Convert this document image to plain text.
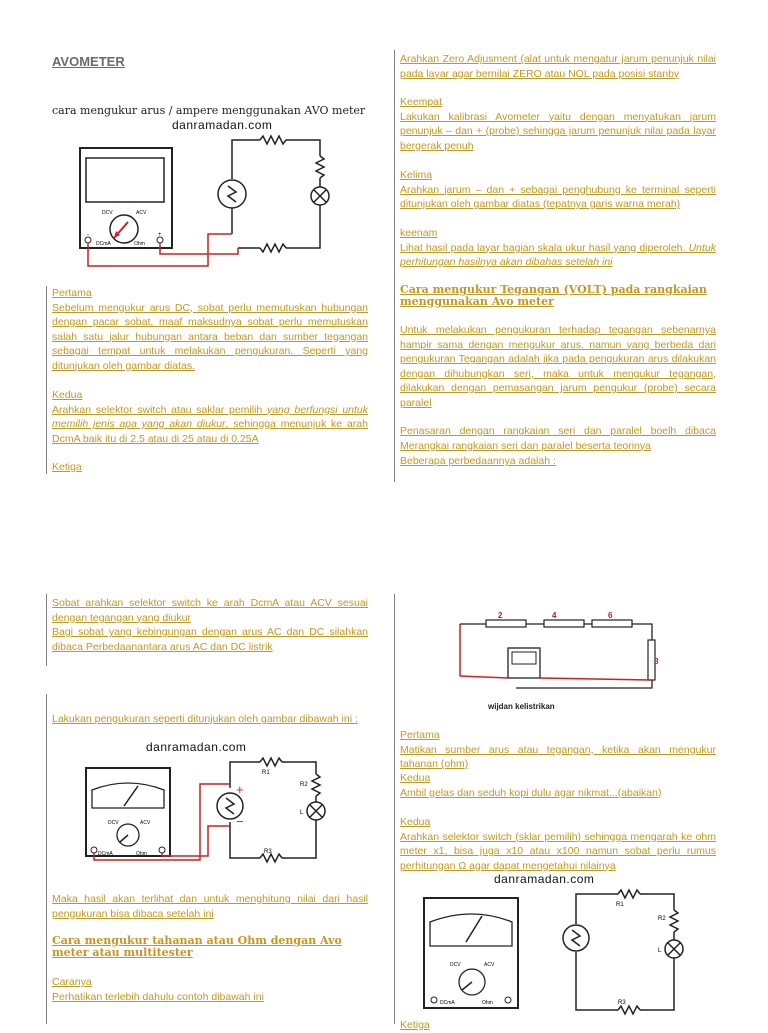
AVOMETER
cara mengukur arus / ampere menggunakan AVO meter
danramadan.com
DCV	ACV
DCmA	Ohm
-	+
Pertama
Sebelum mengukur arus DC, sobat perlu memutuskan hubungan dengan pacar sobat, maaf maksudnya sobat perlu memutuskan salah satu jalur hubungan antara beban dan sumber tegangan sebagai tempat untuk melakukan pengukuran. Seperti yang ditunjukan oleh gambar diatas.
Kedua
Arahkan selektor switch atau saklar pemilih yang berfungsi untuk memilih jenis apa yang akan diukur, sehingga menunjuk ke arah DcmA baik itu di 2.5 atau di 25 atau di 0.25A
Ketiga
Arahkan Zero Adjusment (alat untuk mengatur jarum penunjuk nilai pada layar agar bernilai ZERO atau NOL pada posisi stanby
Keempat
Lakukan kalibrasi Avometer yaitu dengan menyatukan jarum penunjuk – dan + (probe) sehingga jarum penunjuk nilai pada layar bergerak penuh
Kelima
Arahkan jarum – dan + sebagai penghubung ke terminal seperti ditunjukan oleh gambar diatas (tepatnya garis warna merah)
keenam
Lihat hasil pada layar bagian skala ukur hasil yang diperoleh. Untuk perhitungan hasilnya akan dibahas setelah ini
Cara mengukur Tegangan (VOLT) pada rangkaian menggunakan Avo meter
Untuk melakukan pengukuran terhadap tegangan sebenarnya hampir sama dengan mengukur arus. namun yang berbeda dari pengukuran Tegangan adalah jika pada pengukuran arus dilakukan dengan dihubungkan seri, maka untuk mengukur tegangan, dilakukan dengan pemasangan jarum pengukur (probe) secara paralel
Penasaran dengan rangkaian seri dan paralel boelh dibaca Merangkai rangkaian seri dan paralel beserta teorinya
Beberapa perbedaannya adalah :
Sobat arahkan selektor switch ke arah DcmA atau ACV sesuai dengan tegangan yang diukur
Bagi sobat yang kebingungan dengan arus AC dan DC silahkan dibaca Perbedaanantara arus AC dan DC listrik
Lakukan pengukuran seperti ditunjukan oleh gambar dibawah ini :
danramadan.com
DCV	ACV
DCmA	Ohm
R1
R2
L
R3
+
−
Maka hasil akan terlihat dan untuk menghitung nilai dari hasil pengukuran bisa dibaca setelah ini
Cara mengukur tahanan atau Ohm dengan Avo meter atau multitester
Caranya
Perhatikan terlebih dahulu contoh dibawah ini
2	4	6
8
wijdan kelistrikan
Pertama
Matikan sumber arus atau tegangan, ketika akan mengukur tahanan (ohm)
Kedua
Ambil gelas dan seduh kopi dulu agar nikmat...(abaikan)
Kedua
Arahkan selektor switch (sklar pemilih) sehingga mengarah ke ohm meter x1, bisa juga x10 atau x100 namun sobat perlu rumus perhitungan Ω agar dapat mengetahui nilainya
danramadan.com
DCV	ACV
DCmA	Ohm
R1
R2
L
R3
Ketiga
